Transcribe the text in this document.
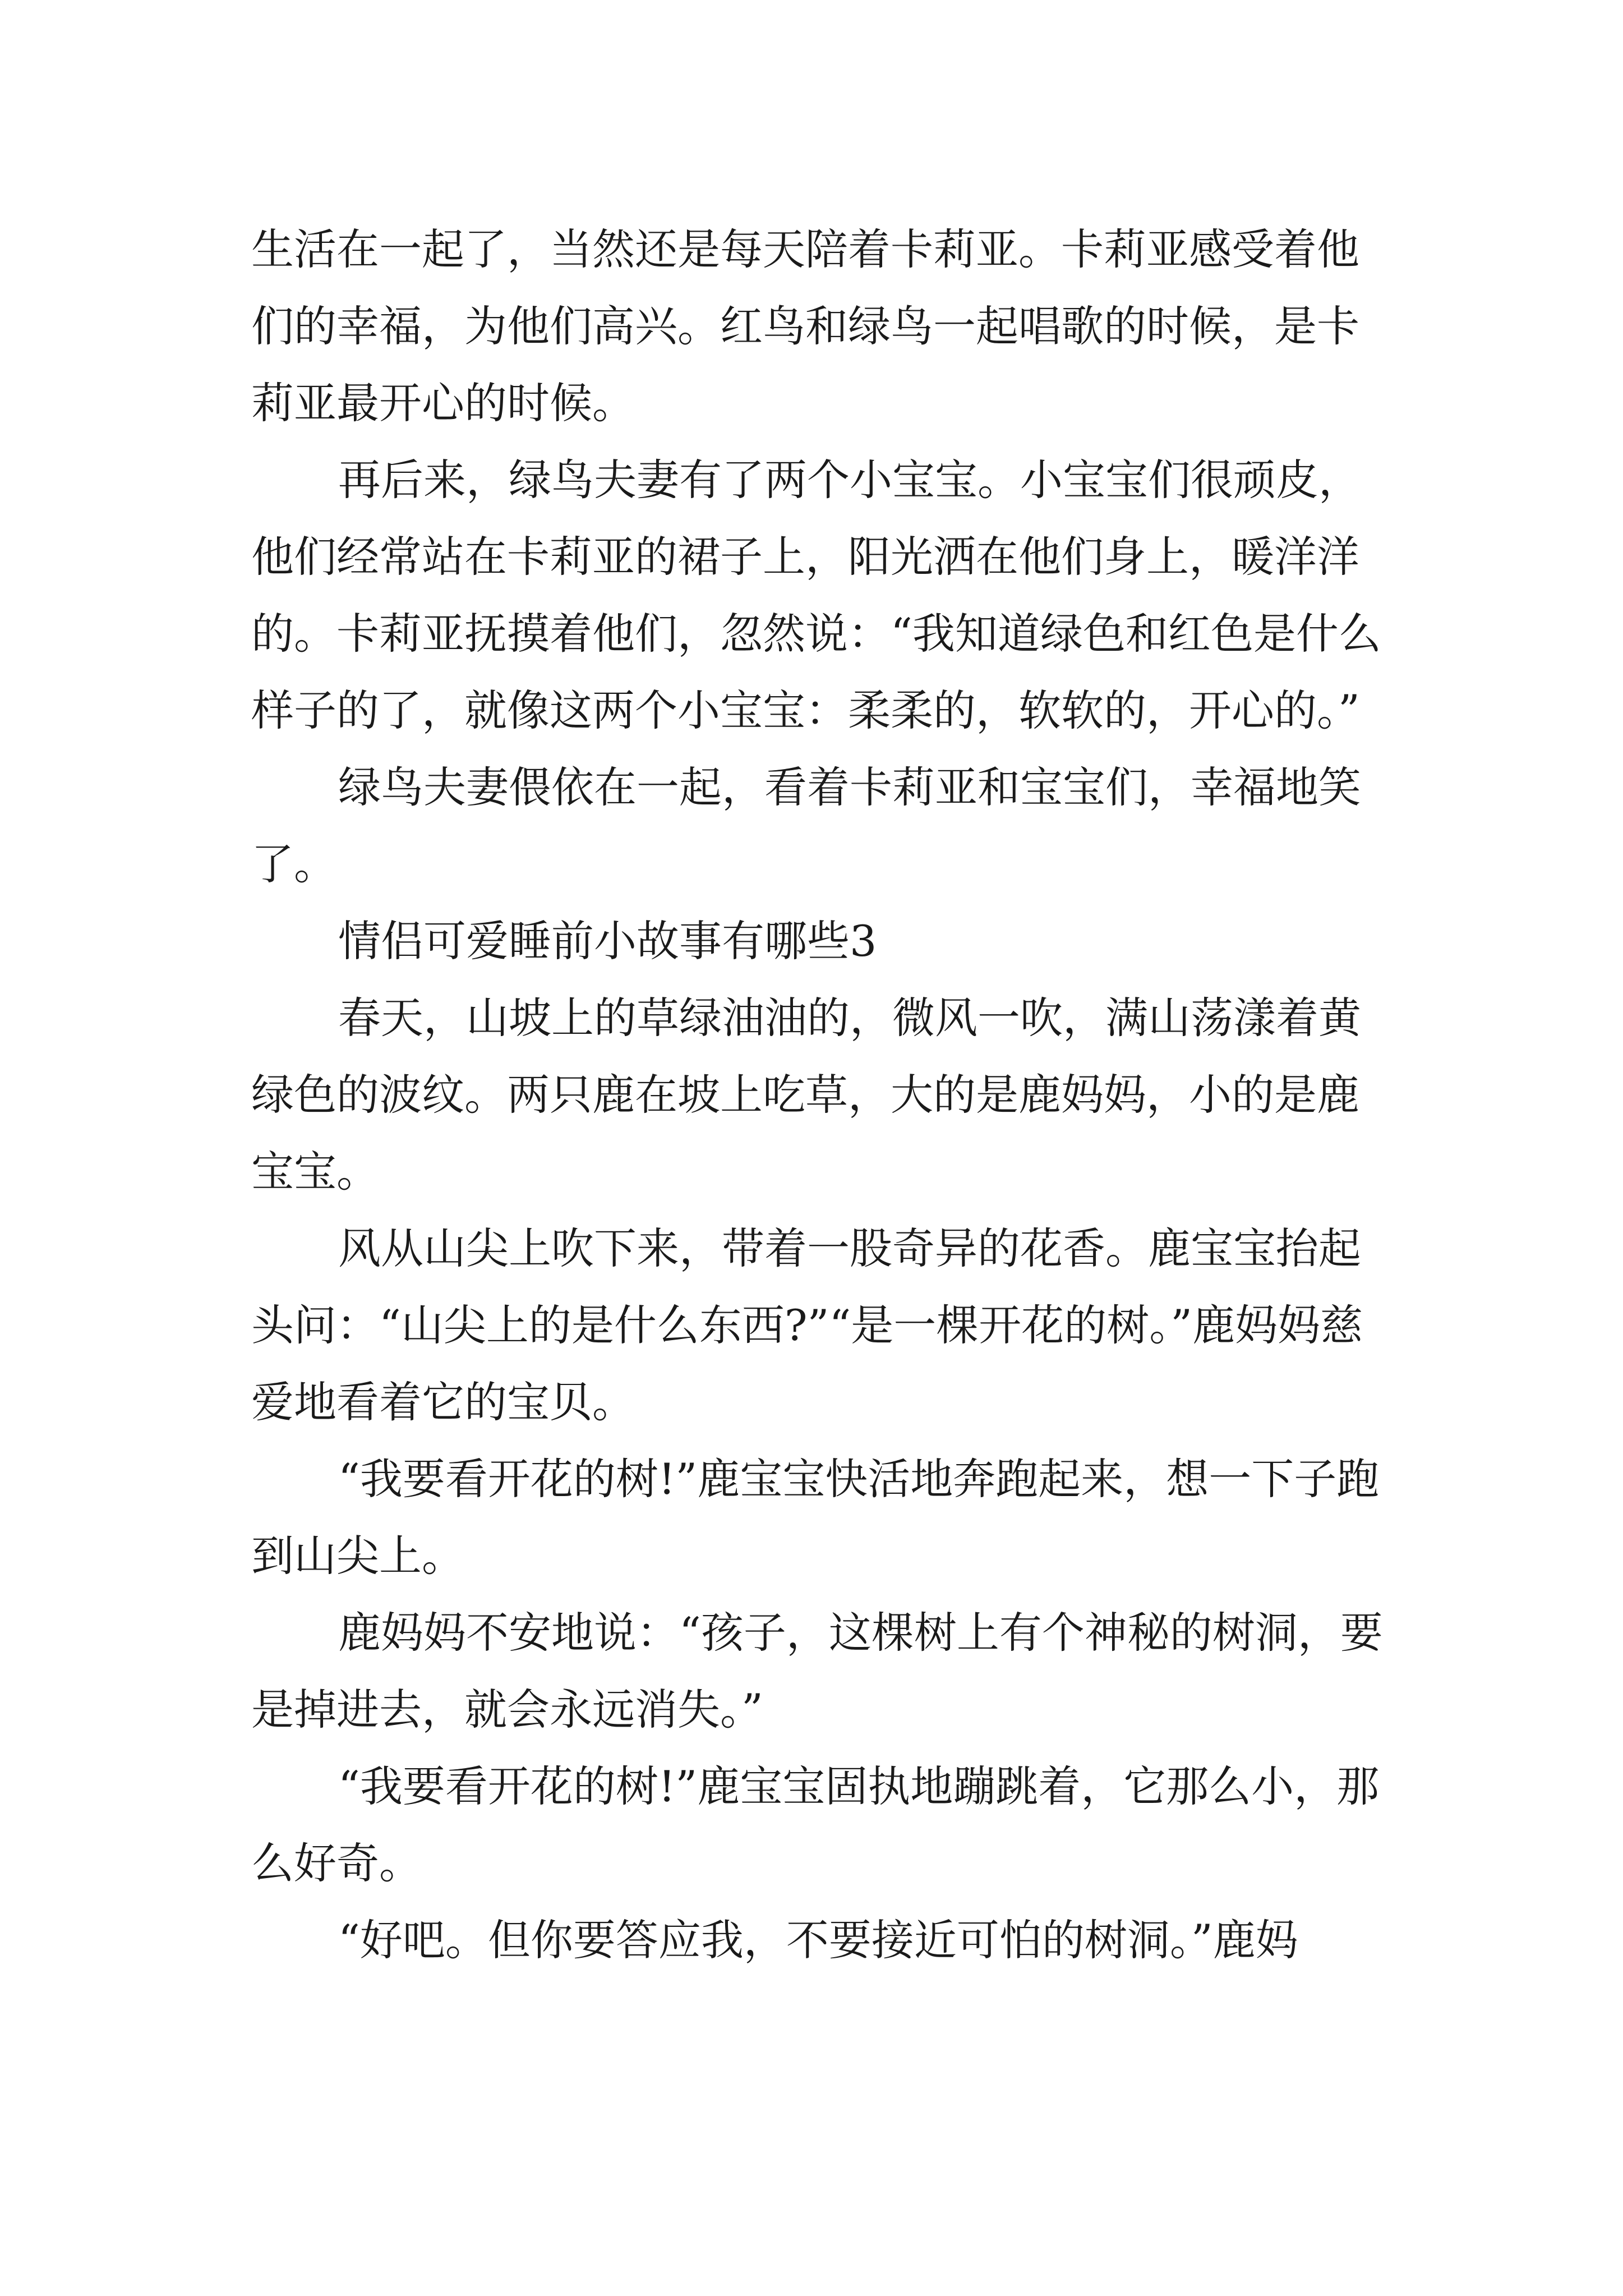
生活在一起了，当然还是每天陪着卡莉亚。卡莉亚感受着他们的幸福，为他们高兴。红鸟和绿鸟一起唱歌的时候，是卡莉亚最开心的时候。

再后来，绿鸟夫妻有了两个小宝宝。小宝宝们很顽皮，他们经常站在卡莉亚的裙子上，阳光洒在他们身上，暖洋洋的。卡莉亚抚摸着他们，忽然说：“我知道绿色和红色是什么样子的了，就像这两个小宝宝：柔柔的，软软的，开心的。”

绿鸟夫妻偎依在一起，看着卡莉亚和宝宝们，幸福地笑了。

情侣可爱睡前小故事有哪些3

春天，山坡上的草绿油油的，微风一吹，满山荡漾着黄绿色的波纹。两只鹿在坡上吃草，大的是鹿妈妈，小的是鹿宝宝。

风从山尖上吹下来，带着一股奇异的花香。鹿宝宝抬起头问：“山尖上的是什么东西?”“是一棵开花的树。”鹿妈妈慈爱地看着它的宝贝。

“我要看开花的树!”鹿宝宝快活地奔跑起来，想一下子跑到山尖上。

鹿妈妈不安地说：“孩子，这棵树上有个神秘的树洞，要是掉进去，就会永远消失。”

“我要看开花的树!”鹿宝宝固执地蹦跳着，它那么小，那么好奇。

“好吧。但你要答应我，不要接近可怕的树洞。”鹿妈
